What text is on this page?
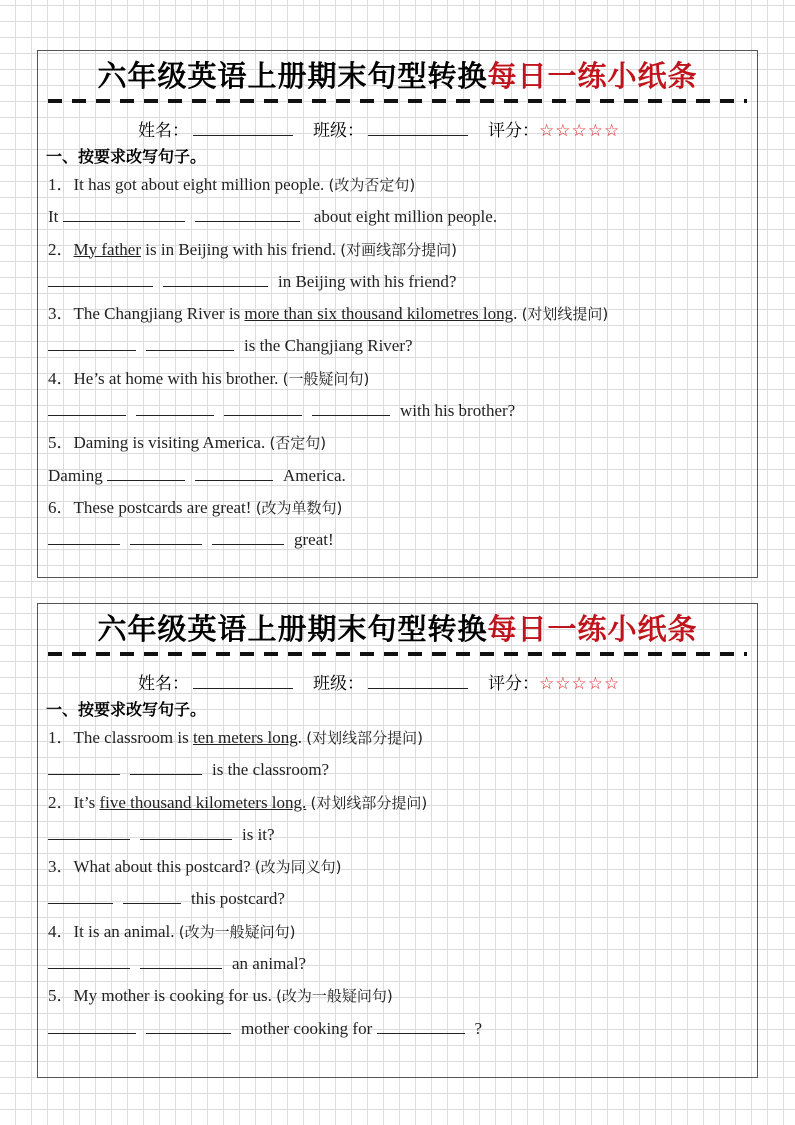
六年级英语上册期末句型转换每日一练小纸条
姓名：	班级：	评分：☆☆☆☆☆
一、按要求改写句子。
1．It has got about eight million people. (改为否定句)
It	about eight million people.
2．My father is in Beijing with his friend. (对画线部分提问)
in Beijing with his friend?
3．The Changjiang River is more than six thousand kilometres long. (对划线提问)
is the Changjiang River?
4．He’s at home with his brother. (一般疑问句)
with his brother?
5．Daming is visiting America. (否定句)
Daming	America.
6．These postcards are great! (改为单数句)
great!
六年级英语上册期末句型转换每日一练小纸条
姓名：	班级：	评分：☆☆☆☆☆
一、按要求改写句子。
1．The classroom is ten meters long. (对划线部分提问)
is the classroom?
2．It’s five thousand kilometers long. (对划线部分提问)
is it?
3．What about this postcard? (改为同义句)
this postcard?
4．It is an animal. (改为一般疑问句)
an animal?
5．My mother is cooking for us. (改为一般疑问句)
mother cooking for	?
